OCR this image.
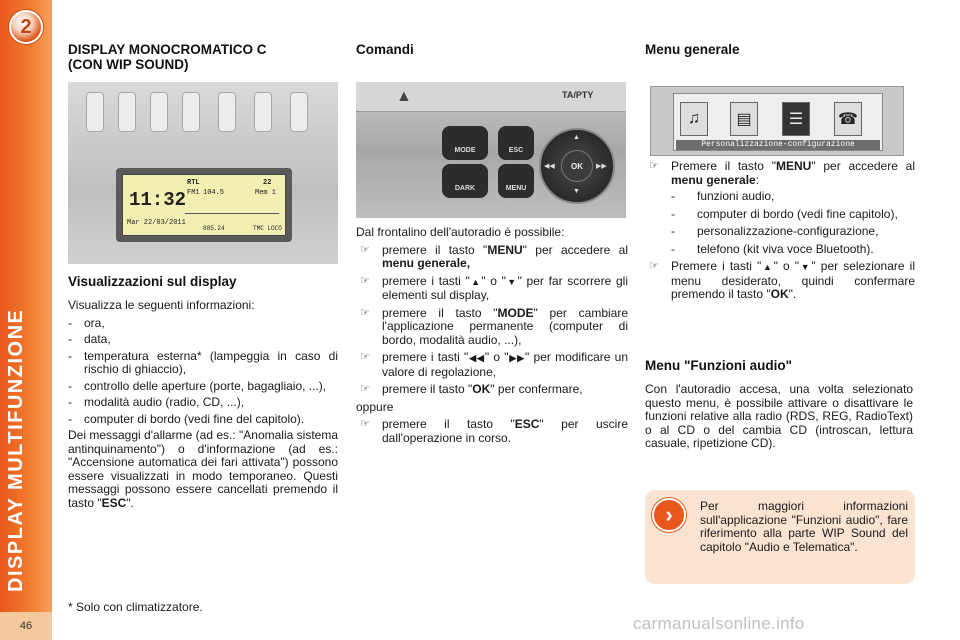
2
DISPLAY MULTIFUNZIONE
46
DISPLAY MONOCROMATICO C
(CON WIP SOUND)
RTL	22
FM1 104.5	Mem 1
11:32
Mar 22/03/2011
885.24	TMC LOCO
Visualizzazioni sul display

Visualizza le seguenti informazioni:

- ora,
- data,
- temperatura esterna* (lampeggia in caso di rischio di ghiaccio),
- controllo delle aperture (porte, bagagliaio, ...),
- modalità audio (radio, CD, ...),
- computer di bordo (vedi fine del capitolo).

Dei messaggi d'allarme (ad es.: "Anomalia sistema antinquinamento") o d'informazione (ad es.: "Accensione automatica dei fari attivata") possono essere visualizzati in modo temporaneo. Questi messaggi possono essere cancellati premendo il tasto "ESC".

* Solo con climatizzatore.
Comandi
▲	TA/PTY
MODE
DARK
ESC
MENU
▲
▼
◀◀	▶▶
OK

Dal frontalino dell'autoradio è possibile:

☞ premere il tasto "MENU" per accedere al menu generale,
☞ premere i tasti "▲" o "▼" per far scorrere gli elementi sul display,
☞ premere il tasto "MODE" per cambiare l'applicazione permanente (computer di bordo, modalità audio, ...),
☞ premere i tasti "◀◀" o "▶▶" per modificare un valore di regolazione,
☞ premere il tasto "OK" per confermare,

oppure

☞ premere il tasto "ESC" per uscire dall'operazione in corso.
Menu generale
♫	▤	☰	☎
Personalizzazione-configurazione
☞ Premere il tasto "MENU" per accedere al menu generale:
- funzioni audio,
- computer di bordo (vedi fine capitolo),
- personalizzazione-configurazione,
- telefono (kit viva voce Bluetooth).
☞ Premere i tasti "▲" o "▼" per selezionare il menu desiderato, quindi confermare premendo il tasto "OK".
Menu "Funzioni audio"
Con l'autoradio accesa, una volta selezionato questo menu, è possibile attivare o disattivare le funzioni relative alla radio (RDS, REG, RadioText) o al CD o del cambia CD (introscan, lettura casuale, ripetizione CD).
›	Per maggiori informazioni sull'applicazione "Funzioni audio", fare riferimento alla parte WIP Sound del capitolo "Audio e Telematica".
carmanualsonline.info
